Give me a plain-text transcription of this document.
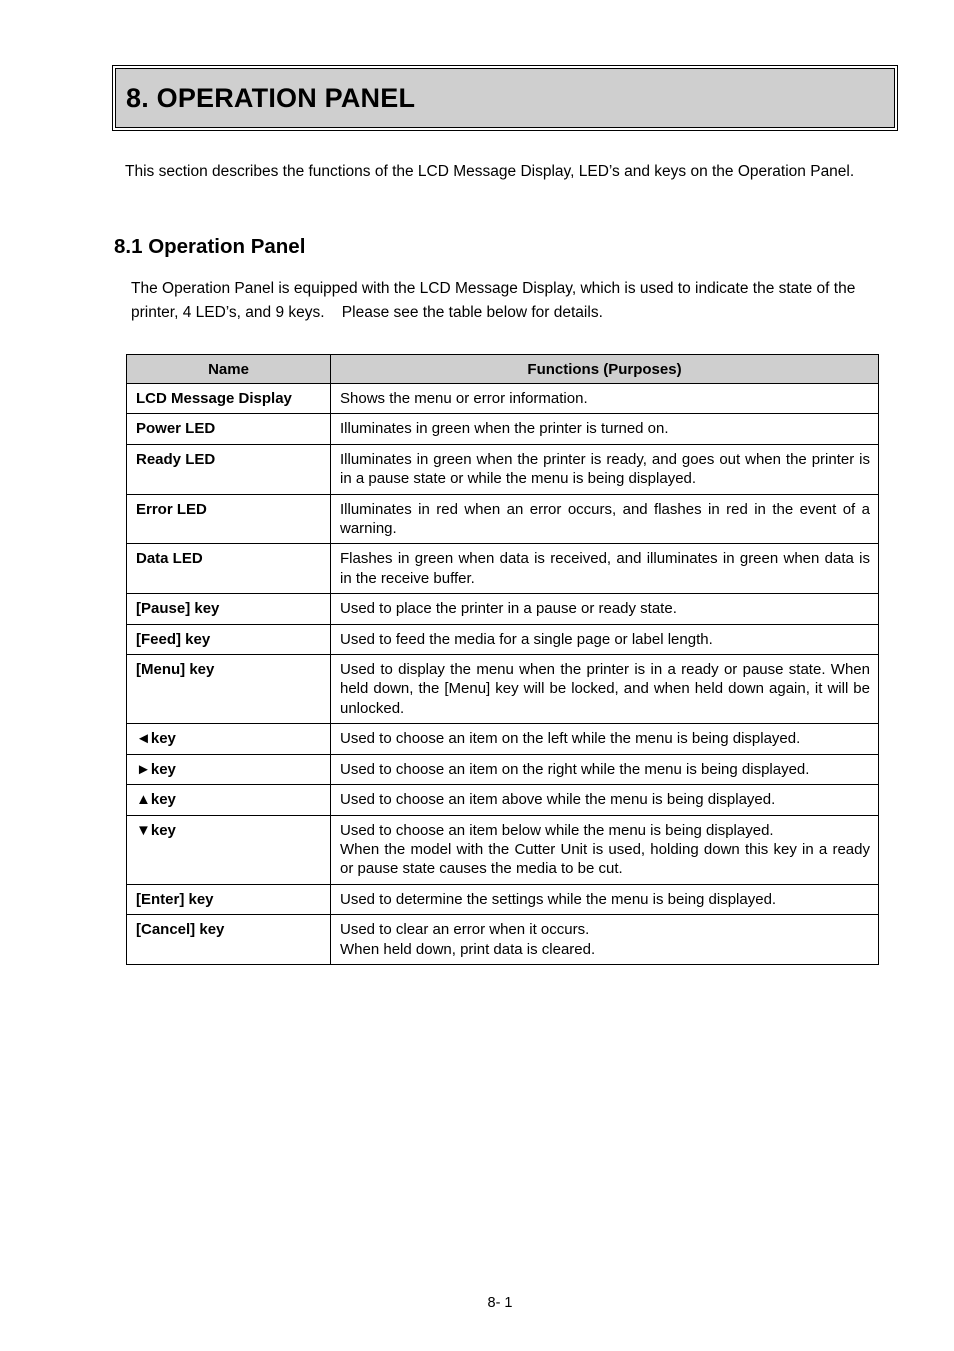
8. OPERATION PANEL

This section describes the functions of the LCD Message Display, LED’s and keys on the Operation Panel.

8.1 Operation Panel

The Operation Panel is equipped with the LCD Message Display, which is used to indicate the state of the printer, 4 LED’s, and 9 keys.    Please see the table below for details.

Name	Functions (Purposes)
LCD Message Display	Shows the menu or error information.
Power LED	Illuminates in green when the printer is turned on.
Ready LED	Illuminates in green when the printer is ready, and goes out when the printer is in a pause state or while the menu is being displayed.
Error LED	Illuminates in red when an error occurs, and flashes in red in the event of a warning.
Data LED	Flashes in green when data is received, and illuminates in green when data is in the receive buffer.
[Pause] key	Used to place the printer in a pause or ready state.
[Feed] key	Used to feed the media for a single page or label length.
[Menu] key	Used to display the menu when the printer is in a ready or pause state. When held down, the [Menu] key will be locked, and when held down again, it will be unlocked.
◄key	Used to choose an item on the left while the menu is being displayed.
►key	Used to choose an item on the right while the menu is being displayed.
▲key	Used to choose an item above while the menu is being displayed.
▼key	Used to choose an item below while the menu is being displayed.
When the model with the Cutter Unit is used, holding down this key in a ready or pause state causes the media to be cut.
[Enter] key	Used to determine the settings while the menu is being displayed.
[Cancel] key	Used to clear an error when it occurs.
When held down, print data is cleared.
8- 1
